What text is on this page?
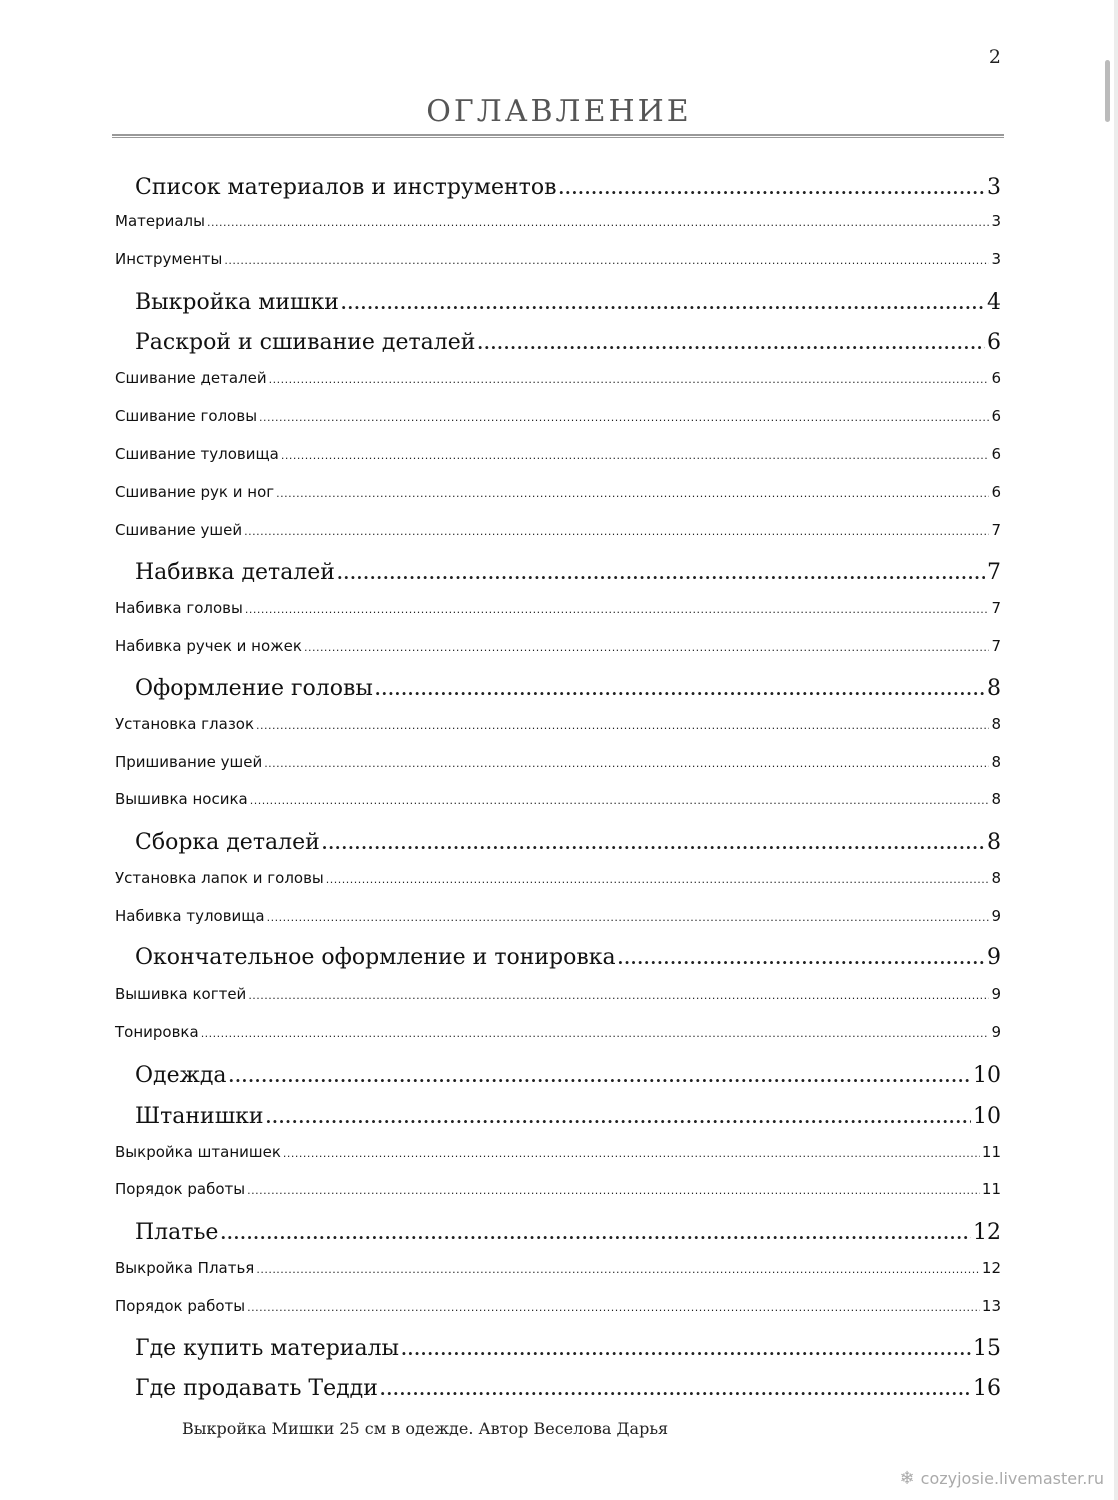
2
ОГЛАВЛЕНИЕ
Список материалов и инструментов .....	3
Материалы .....	3
Инструменты .....	3
Выкройка мишки .....	4
Раскрой и сшивание деталей .....	6
Сшивание деталей .....	6
Сшивание головы .....	6
Сшивание туловища .....	6
Сшивание рук и ног .....	6
Сшивание ушей .....	7
Набивка деталей .....	7
Набивка головы .....	7
Набивка ручек и ножек .....	7
Оформление головы .....	8
Установка глазок .....	8
Пришивание ушей .....	8
Вышивка носика .....	8
Сборка деталей .....	8
Установка лапок и головы .....	8
Набивка туловища .....	9
Окончательное оформление и тонировка .....	9
Вышивка когтей .....	9
Тонировка .....	9
Одежда .....	10
Штанишки .....	10
Выкройка штанишек .....	11
Порядок работы .....	11
Платье .....	12
Выкройка Платья .....	12
Порядок работы .....	13
Где купить материалы .....	15
Где продавать Тедди .....	16
Выкройка Мишки 25 см в одежде. Автор Веселова Дарья
❄ cozyjosie.livemaster.ru
